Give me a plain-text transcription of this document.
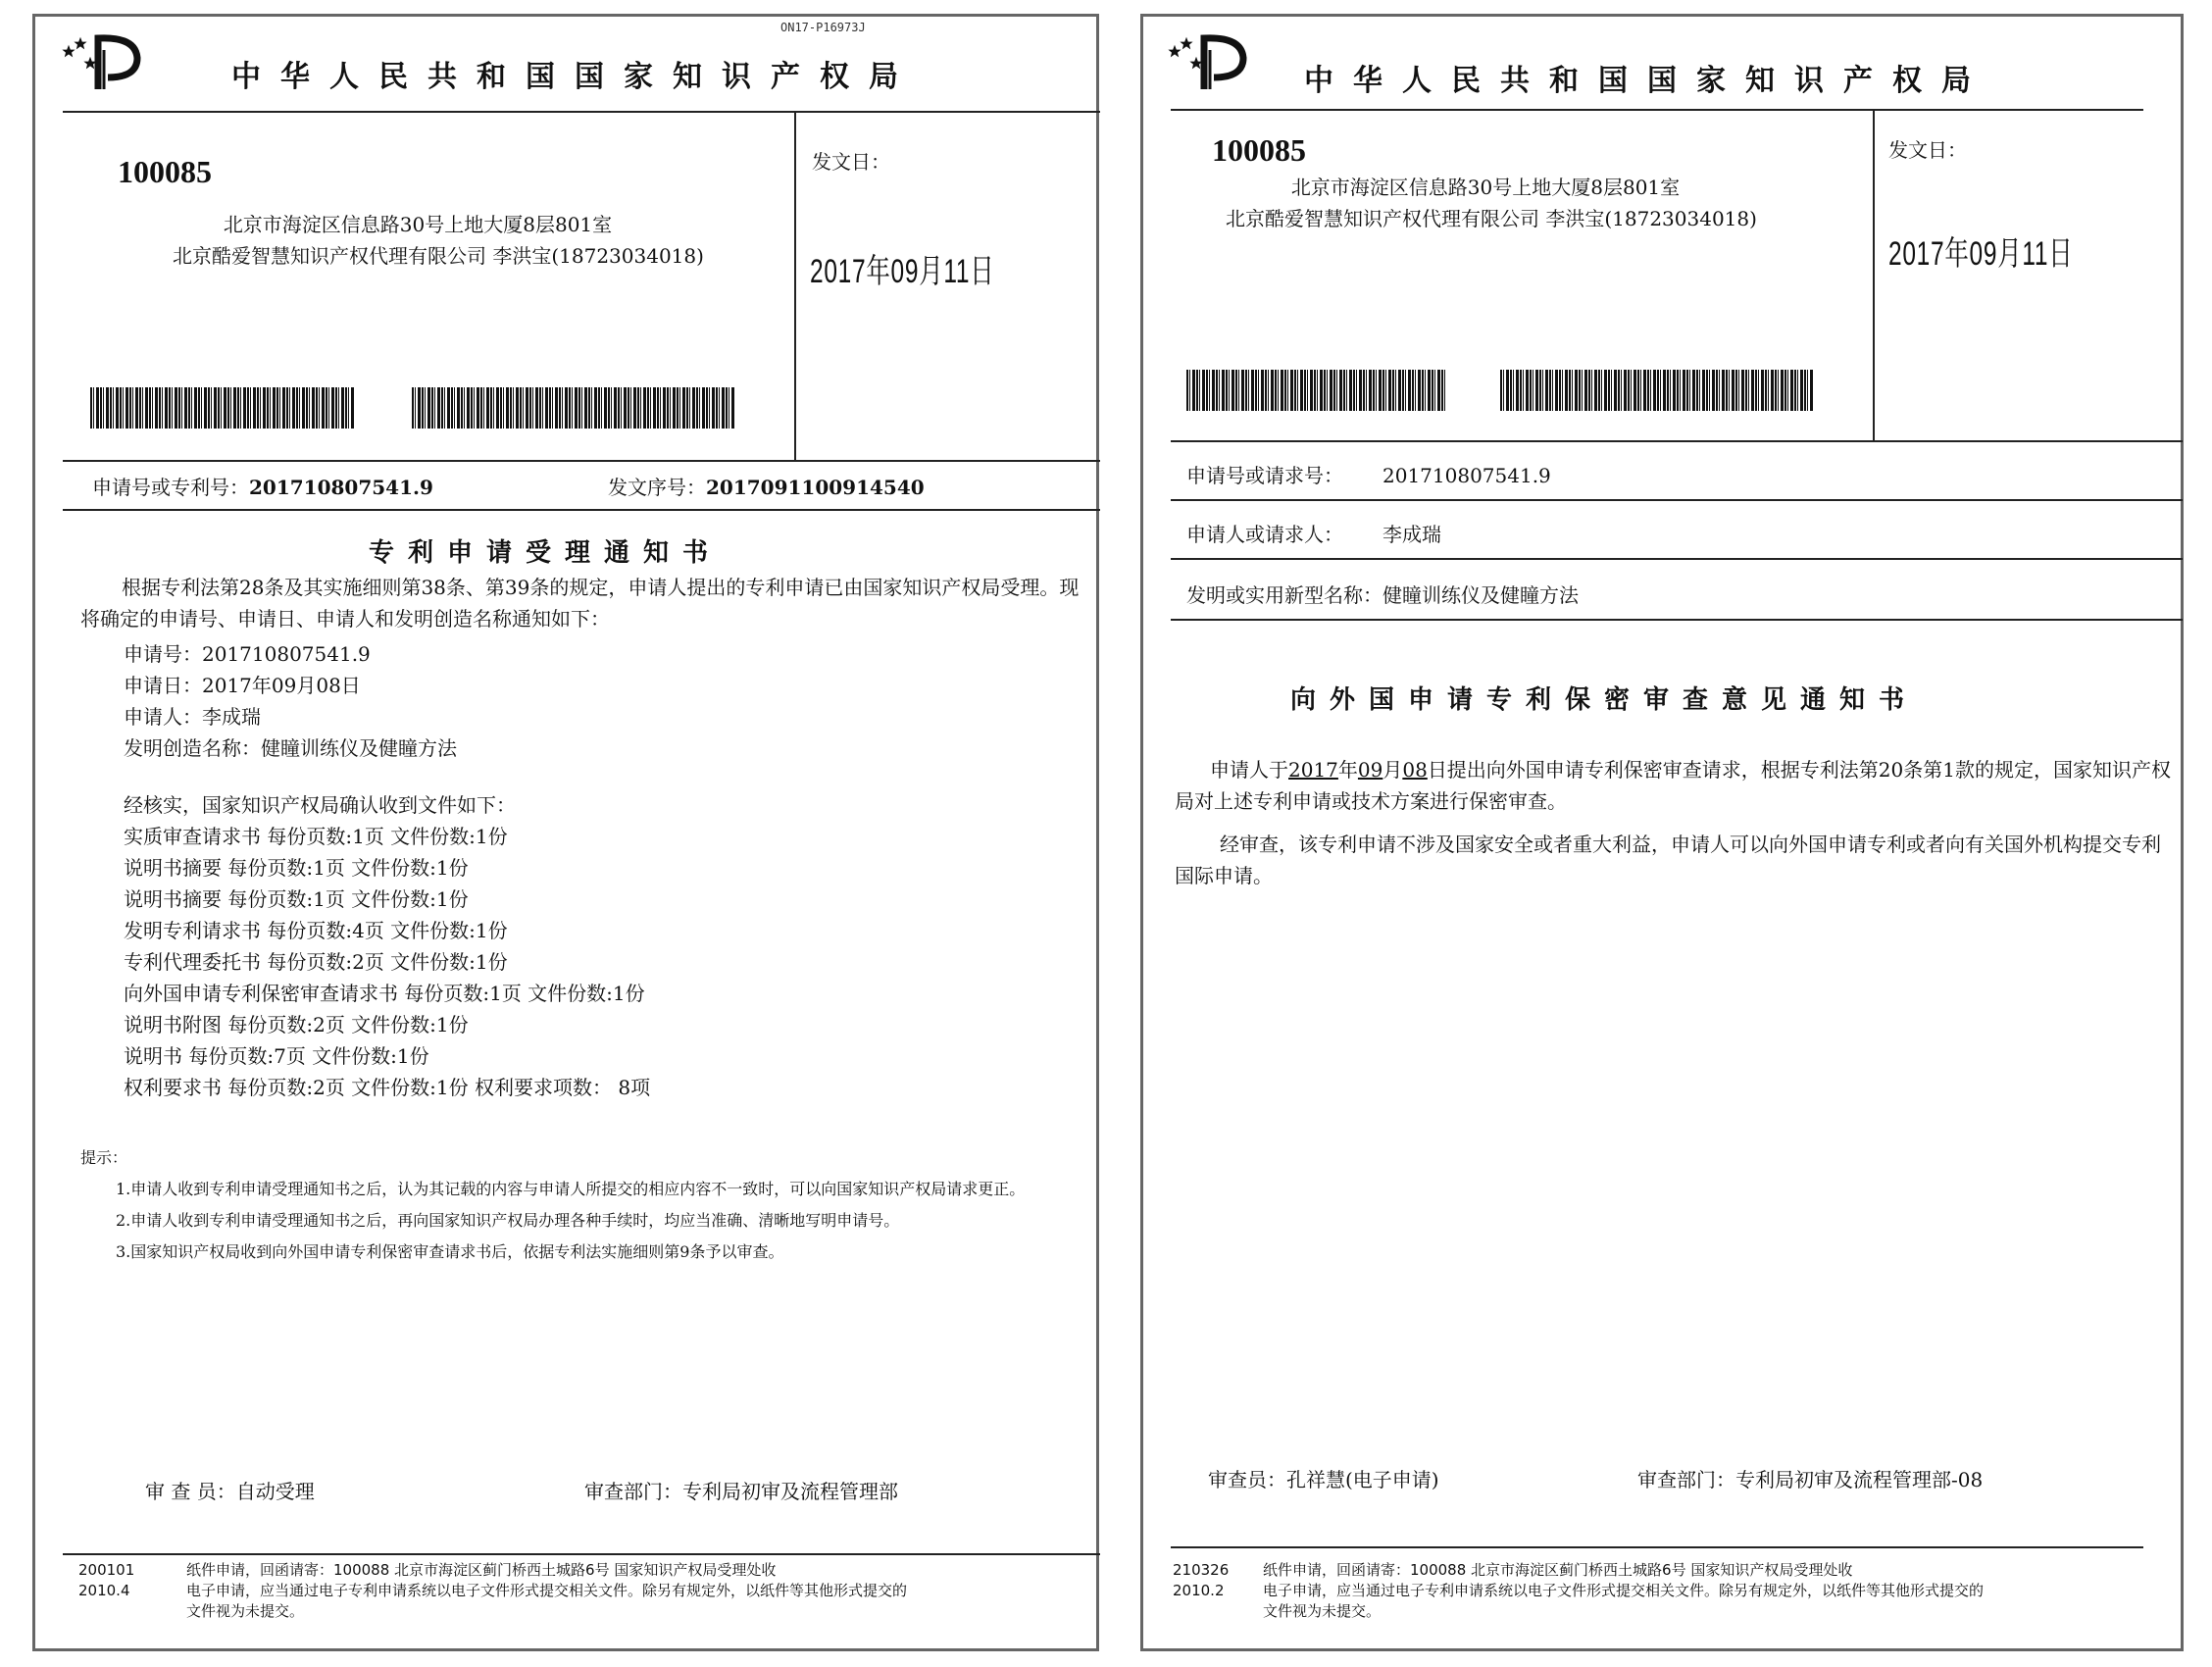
ON17-P16973J
中华人民共和国国家知识产权局
100085
北京市海淀区信息路30号上地大厦8层801室
北京酷爱智慧知识产权代理有限公司 李洪宝(18723034018)
发文日：
2017年09月11日
申请号或专利号：201710807541.9	发文序号：2017091100914540
专利申请受理通知书
根据专利法第28条及其实施细则第38条、第39条的规定，申请人提出的专利申请已由国家知识产权局受理。现将确定的申请号、申请日、申请人和发明创造名称通知如下：
申请号：201710807541.9
申请日：2017年09月08日
申请人：李成瑞
发明创造名称：健瞳训练仪及健瞳方法
经核实，国家知识产权局确认收到文件如下：
实质审查请求书 每份页数:1页 文件份数:1份
说明书摘要 每份页数:1页 文件份数:1份
说明书摘要 每份页数:1页 文件份数:1份
发明专利请求书 每份页数:4页 文件份数:1份
专利代理委托书 每份页数:2页 文件份数:1份
向外国申请专利保密审查请求书 每份页数:1页 文件份数:1份
说明书附图 每份页数:2页 文件份数:1份
说明书 每份页数:7页 文件份数:1份
权利要求书 每份页数:2页 文件份数:1份 权利要求项数： 8项
提示：
1.申请人收到专利申请受理通知书之后，认为其记载的内容与申请人所提交的相应内容不一致时，可以向国家知识产权局请求更正。
2.申请人收到专利申请受理通知书之后，再向国家知识产权局办理各种手续时，均应当准确、清晰地写明申请号。
3.国家知识产权局收到向外国申请专利保密审查请求书后，依据专利法实施细则第9条予以审查。
审 查 员：自动受理	审查部门：专利局初审及流程管理部
200101
2010.4
纸件申请，回函请寄：100088 北京市海淀区蓟门桥西土城路6号 国家知识产权局受理处收
电子申请，应当通过电子专利申请系统以电子文件形式提交相关文件。除另有规定外，以纸件等其他形式提交的
文件视为未提交。
中华人民共和国国家知识产权局
100085
北京市海淀区信息路30号上地大厦8层801室
北京酷爱智慧知识产权代理有限公司 李洪宝(18723034018)
发文日：
2017年09月11日
申请号或请求号： 201710807541.9
申请人或请求人： 李成瑞
发明或实用新型名称：健瞳训练仪及健瞳方法
向外国申请专利保密审查意见通知书
申请人于2017年09月08日提出向外国申请专利保密审查请求，根据专利法第20条第1款的规定，国家知识产权局对上述专利申请或技术方案进行保密审查。
经审查，该专利申请不涉及国家安全或者重大利益，申请人可以向外国申请专利或者向有关国外机构提交专利国际申请。
审查员：孔祥慧(电子申请)	审查部门：专利局初审及流程管理部-08
210326
2010.2
纸件申请，回函请寄：100088 北京市海淀区蓟门桥西土城路6号 国家知识产权局受理处收
电子申请，应当通过电子专利申请系统以电子文件形式提交相关文件。除另有规定外，以纸件等其他形式提交的
文件视为未提交。
